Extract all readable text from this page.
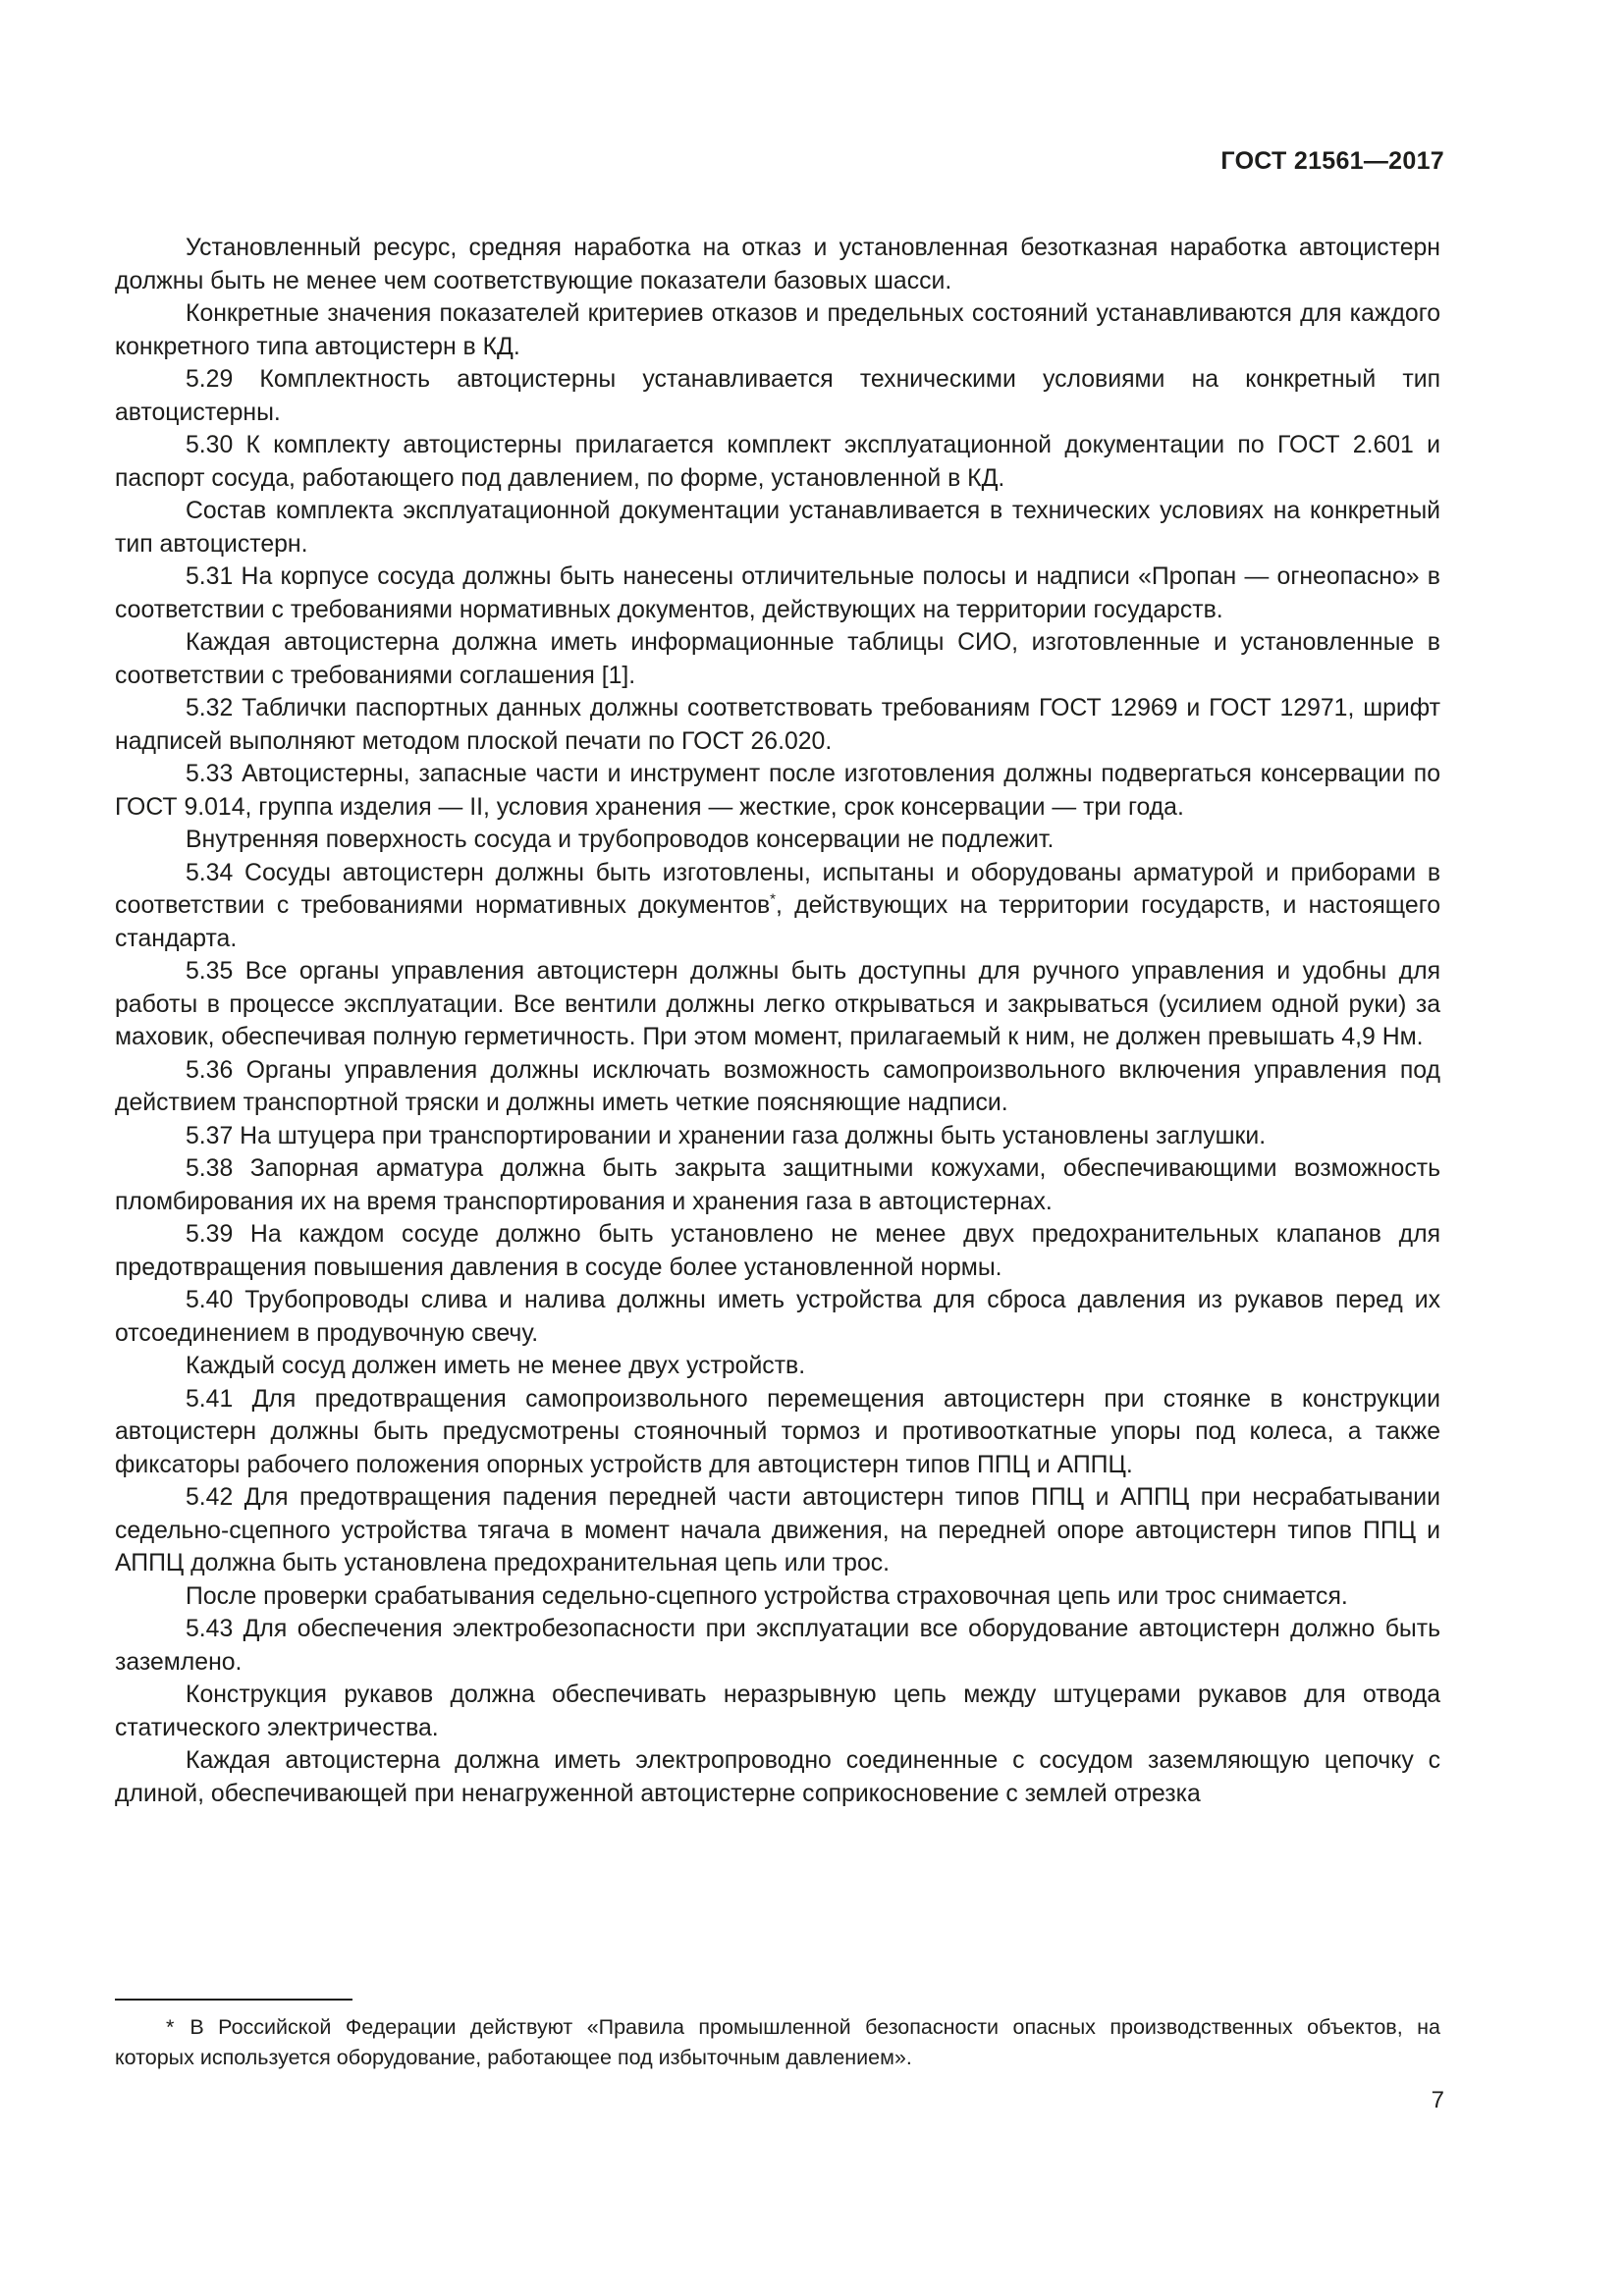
ГОСТ 21561—2017

Установленный ресурс, средняя наработка на отказ и установленная безотказная наработка автоцистерн должны быть не менее чем соответствующие показатели базовых шасси.

Конкретные значения показателей критериев отказов и предельных состояний устанавливаются для каждого конкретного типа автоцистерн в КД.

5.29 Комплектность автоцистерны устанавливается техническими условиями на конкретный тип автоцистерны.

5.30 К комплекту автоцистерны прилагается комплект эксплуатационной документации по ГОСТ 2.601 и паспорт сосуда, работающего под давлением, по форме, установленной в КД.

Состав комплекта эксплуатационной документации устанавливается в технических условиях на конкретный тип автоцистерн.

5.31 На корпусе сосуда должны быть нанесены отличительные полосы и надписи «Пропан — огнеопасно» в соответствии с требованиями нормативных документов, действующих на территории государств.

Каждая автоцистерна должна иметь информационные таблицы СИО, изготовленные и установленные в соответствии с требованиями соглашения [1].

5.32 Таблички паспортных данных должны соответствовать требованиям ГОСТ 12969 и ГОСТ 12971, шрифт надписей выполняют методом плоской печати по ГОСТ 26.020.

5.33 Автоцистерны, запасные части и инструмент после изготовления должны подвергаться консервации по ГОСТ 9.014, группа изделия — II, условия хранения — жесткие, срок консервации — три года.

Внутренняя поверхность сосуда и трубопроводов консервации не подлежит.

5.34 Сосуды автоцистерн должны быть изготовлены, испытаны и оборудованы арматурой и приборами в соответствии с требованиями нормативных документов*, действующих на территории государств, и настоящего стандарта.

5.35 Все органы управления автоцистерн должны быть доступны для ручного управления и удобны для работы в процессе эксплуатации. Все вентили должны легко открываться и закрываться (усилием одной руки) за маховик, обеспечивая полную герметичность. При этом момент, прилагаемый к ним, не должен превышать 4,9 Нм.

5.36 Органы управления должны исключать возможность самопроизвольного включения управления под действием транспортной тряски и должны иметь четкие поясняющие надписи.

5.37 На штуцера при транспортировании и хранении газа должны быть установлены заглушки.

5.38 Запорная арматура должна быть закрыта защитными кожухами, обеспечивающими возможность пломбирования их на время транспортирования и хранения газа в автоцистернах.

5.39 На каждом сосуде должно быть установлено не менее двух предохранительных клапанов для предотвращения повышения давления в сосуде более установленной нормы.

5.40 Трубопроводы слива и налива должны иметь устройства для сброса давления из рукавов перед их отсоединением в продувочную свечу.

Каждый сосуд должен иметь не менее двух устройств.

5.41 Для предотвращения самопроизвольного перемещения автоцистерн при стоянке в конструкции автоцистерн должны быть предусмотрены стояночный тормоз и противооткатные упоры под колеса, а также фиксаторы рабочего положения опорных устройств для автоцистерн типов ППЦ и АППЦ.

5.42 Для предотвращения падения передней части автоцистерн типов ППЦ и АППЦ при несрабатывании седельно-сцепного устройства тягача в момент начала движения, на передней опоре автоцистерн типов ППЦ и АППЦ должна быть установлена предохранительная цепь или трос.

После проверки срабатывания седельно-сцепного устройства страховочная цепь или трос снимается.

5.43 Для обеспечения электробезопасности при эксплуатации все оборудование автоцистерн должно быть заземлено.

Конструкция рукавов должна обеспечивать неразрывную цепь между штуцерами рукавов для отвода статического электричества.

Каждая автоцистерна должна иметь электропроводно соединенные с сосудом заземляющую цепочку с длиной, обеспечивающей при ненагруженной автоцистерне соприкосновение с землей отрезка

* В Российской Федерации действуют «Правила промышленной безопасности опасных производственных объектов, на которых используется оборудование, работающее под избыточным давлением».
7
